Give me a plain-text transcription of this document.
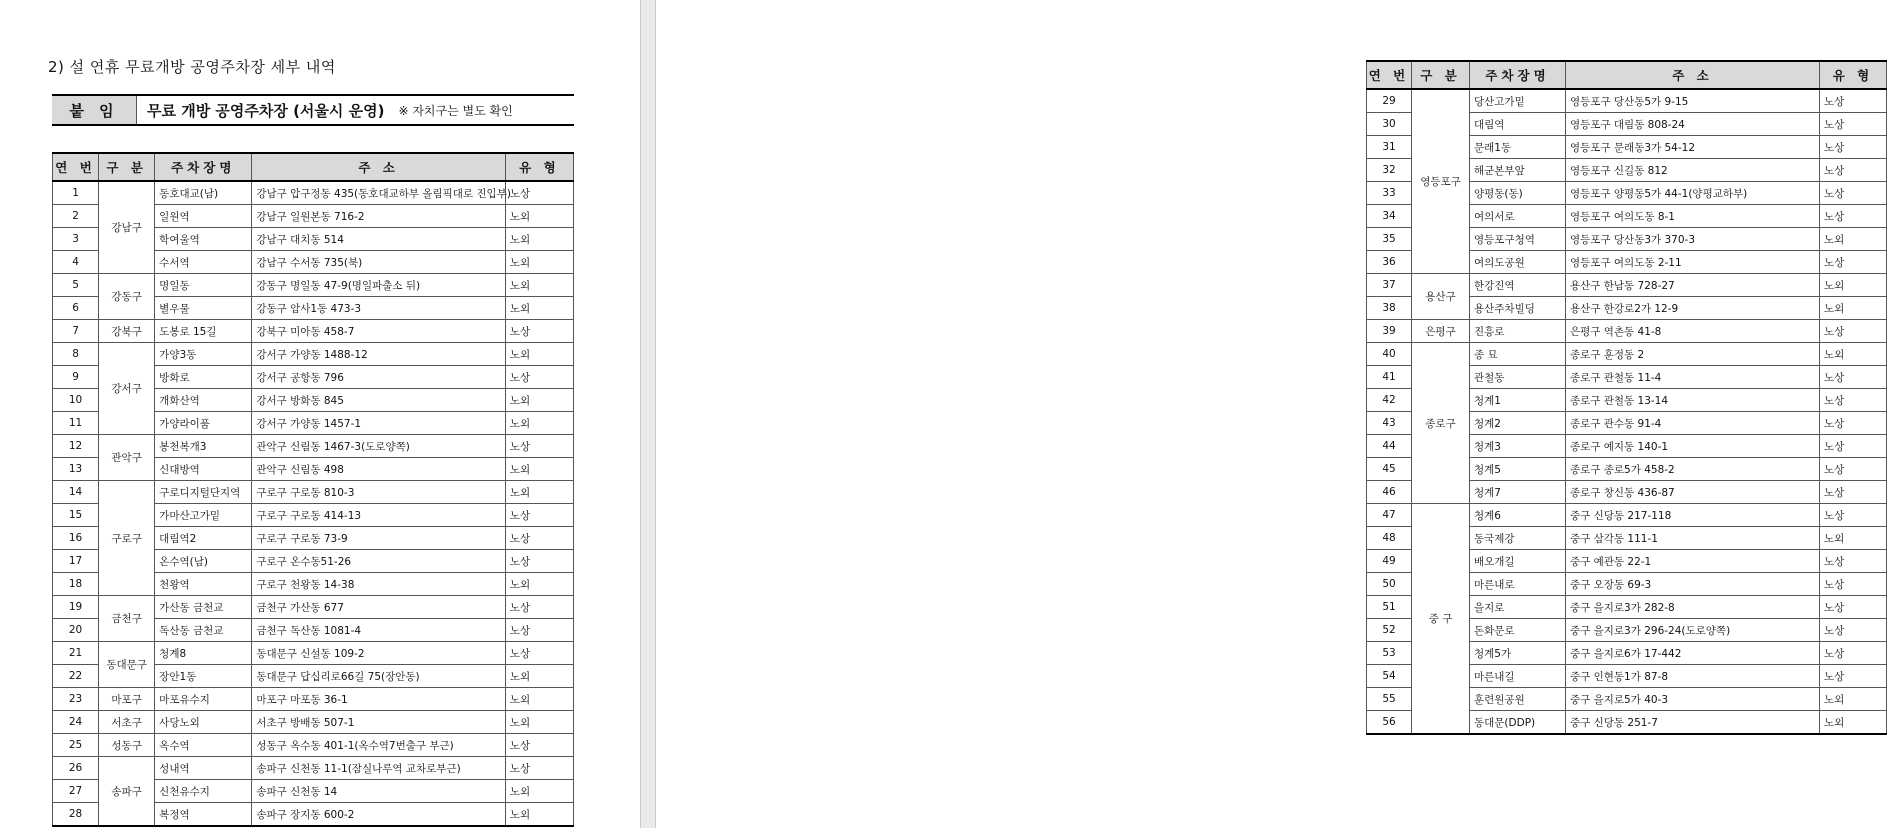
2) 설 연휴 무료개방 공영주차장 세부 내역
붙 임	무료 개방 공영주차장 (서울시 운영)	※ 자치구는 별도 확인
연 번	구 분	주차장명	주 소	유 형
1	강남구	동호대교(남)	강남구 압구정동 435(동호대교하부 올림픽대로 진입부)	노상
2		일원역	강남구 일원본동 716-2	노외
3		학여울역	강남구 대치동 514	노외
4		수서역	강남구 수서동 735(북)	노외
5	강동구	명일동	강동구 명일동 47-9(명일파출소 뒤)	노외
6		별우물	강동구 암사1동 473-3	노외
7	강북구	도봉로 15길	강북구 미아동 458-7	노상
8	강서구	가양3동	강서구 가양동 1488-12	노외
9		방화로	강서구 공항동 796	노상
10		개화산역	강서구 방화동 845	노외
11		가양라이품	강서구 가양동 1457-1	노외
12	관악구	봉천복개3	관악구 신림동 1467-3(도로양쪽)	노상
13		신대방역	관악구 신림동 498	노외
14	구로구	구로디지털단지역	구로구 구로동 810-3	노외
15		가마산고가밑	구로구 구로동 414-13	노상
16		대림역2	구로구 구로동 73-9	노상
17		온수역(남)	구로구 온수동51-26	노상
18		천왕역	구로구 천왕동 14-38	노외
19	금천구	가산동 금천교	금천구 가산동 677	노상
20		독산동 금천교	금천구 독산동 1081-4	노상
21	동대문구	청계8	동대문구 신설동 109-2	노상
22		장안1동	동대문구 답십리로66길 75(장안동)	노외
23	마포구	마포유수지	마포구 마포동 36-1	노외
24	서초구	사당노외	서초구 방배동 507-1	노외
25	성동구	옥수역	성동구 옥수동 401-1(옥수역7번출구 부근)	노상
26	송파구	성내역	송파구 신천동 11-1(잠실나루역 교차로부근)	노상
27		신천유수지	송파구 신천동 14	노외
28		복정역	송파구 장지동 600-2	노외
연 번	구 분	주차장명	주 소	유 형
29	영등포구	당산고가밑	영등포구 당산동5가 9-15	노상
30		대림역	영등포구 대림동 808-24	노상
31		문래1동	영등포구 문래동3가 54-12	노상
32		해군본부앞	영등포구 신길동 812	노상
33		양평동(동)	영등포구 양평동5가 44-1(양평교하부)	노상
34		여의서로	영등포구 여의도동 8-1	노상
35		영등포구청역	영등포구 당산동3가 370-3	노외
36		여의도공원	영등포구 여의도동 2-11	노상
37	용산구	한강진역	용산구 한남동 728-27	노외
38		용산주차빌딩	용산구 한강로2가 12-9	노외
39	은평구	진흥로	은평구 역촌동 41-8	노상
40	종로구	종 묘	종로구 훈정동 2	노외
41		관철동	종로구 관철동 11-4	노상
42		청계1	종로구 관철동 13-14	노상
43		청계2	종로구 관수동 91-4	노상
44		청계3	종로구 예지동 140-1	노상
45		청계5	종로구 종로5가 458-2	노상
46		청계7	종로구 창신동 436-87	노상
47	중 구	청계6	중구 신당동 217-118	노상
48		동국제강	중구 삼각동 111-1	노외
49		배오개길	중구 예관동 22-1	노상
50		마른내로	중구 오장동 69-3	노상
51		을지로	중구 을지로3가 282-8	노상
52		돈화문로	중구 을지로3가 296-24(도로양쪽)	노상
53		청계5가	중구 을지로6가 17-442	노상
54		마른내길	중구 인현동1가 87-8	노상
55		훈련원공원	중구 을지로5가 40-3	노외
56		동대문(DDP)	중구 신당동 251-7	노외
